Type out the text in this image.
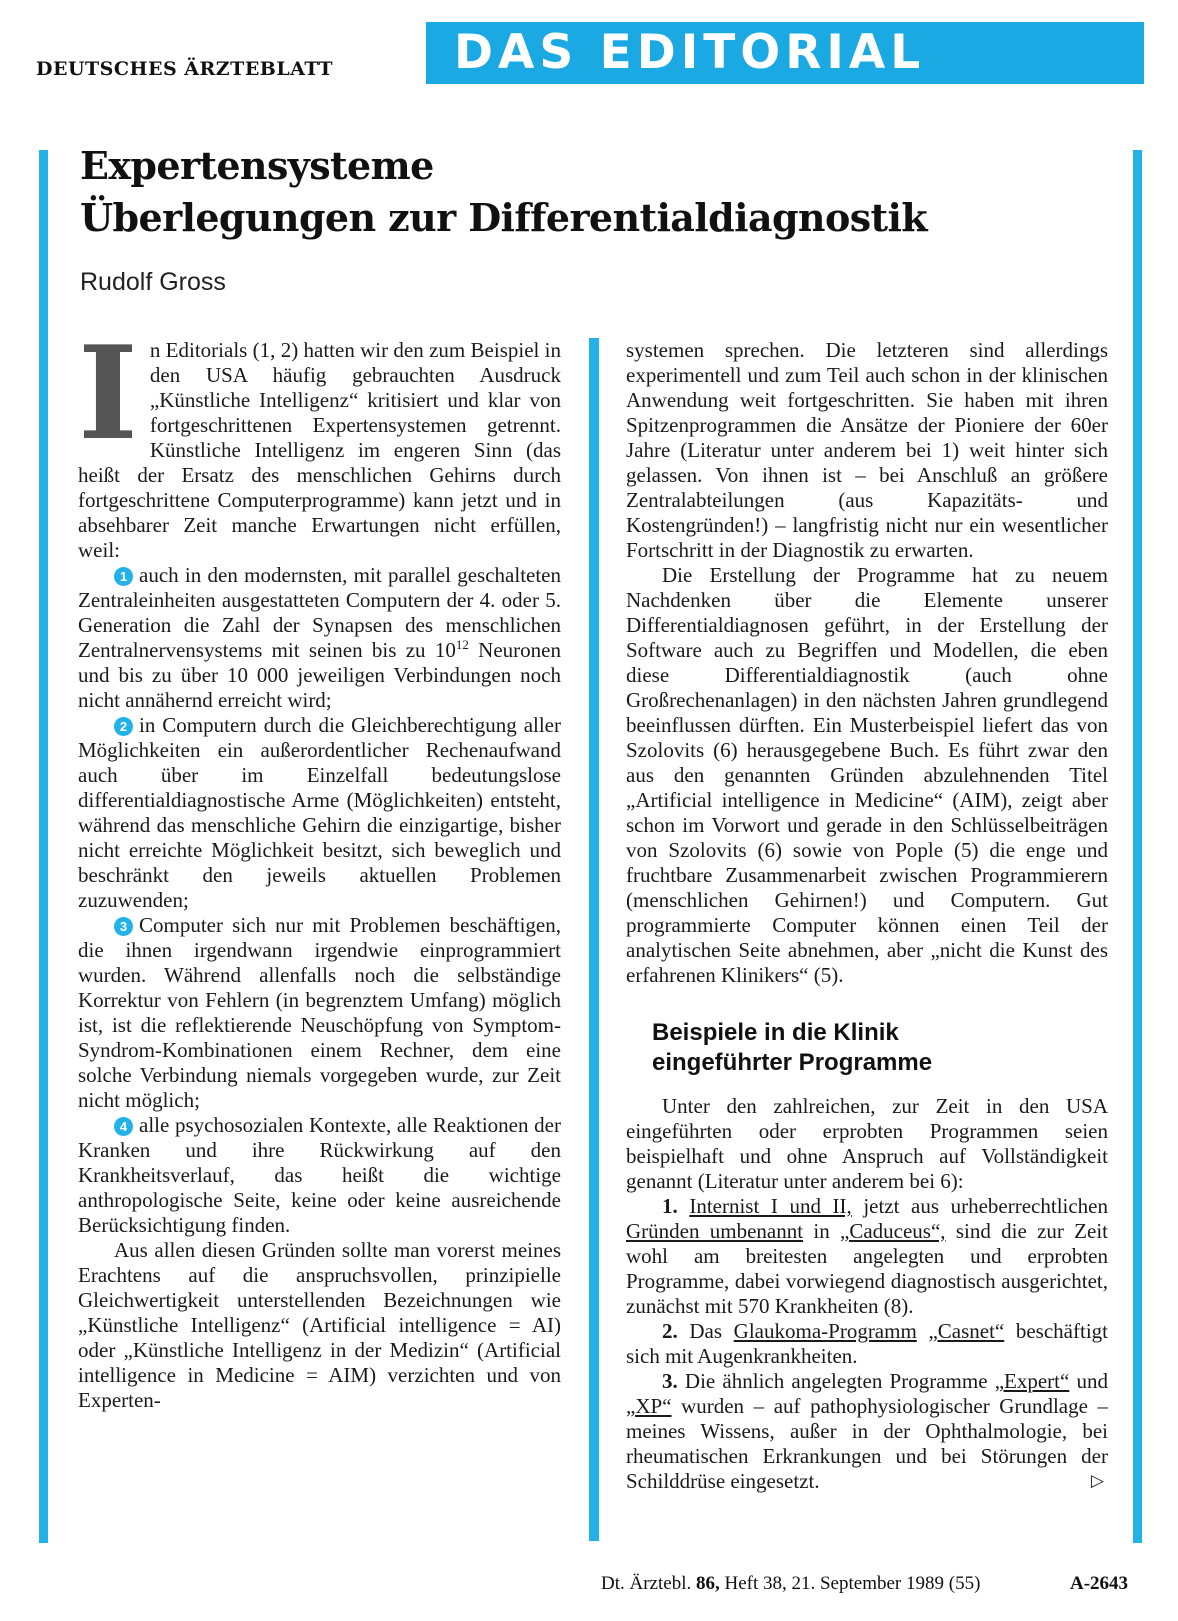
DEUTSCHES ÄRZTEBLATT	DAS EDITORIAL
Expertensysteme
Überlegungen zur Differentialdiagnostik
Rudolf Gross

In Editorials (1, 2) hatten wir den zum Beispiel in den USA häufig gebrauchten Ausdruck „Künstliche Intelligenz“ kritisiert und klar von fortgeschrittenen Expertensystemen getrennt. Künstliche Intelligenz im engeren Sinn (das heißt der Ersatz des menschlichen Gehirns durch fortgeschrittene Computerprogramme) kann jetzt und in absehbarer Zeit manche Erwartungen nicht erfüllen, weil:

1 auch in den modernsten, mit parallel geschalteten Zentraleinheiten ausgestatteten Computern der 4. oder 5. Generation die Zahl der Synapsen des menschlichen Zentralnervensystems mit seinen bis zu $10^{12}$ Neuronen und bis zu über 10 000 jeweiligen Verbindungen noch nicht annähernd erreicht wird;

2 in Computern durch die Gleichberechtigung aller Möglichkeiten ein außerordentlicher Rechenaufwand auch über im Einzelfall bedeutungslose differentialdiagnostische Arme (Möglichkeiten) entsteht, während das menschliche Gehirn die einzigartige, bisher nicht erreichte Möglichkeit besitzt, sich beweglich und beschränkt den jeweils aktuellen Problemen zuzuwenden;

3 Computer sich nur mit Problemen beschäftigen, die ihnen irgendwann irgendwie einprogrammiert wurden. Während allenfalls noch die selbständige Korrektur von Fehlern (in begrenztem Umfang) möglich ist, ist die reflektierende Neuschöpfung von Symptom-Syndrom-Kombinationen einem Rechner, dem eine solche Verbindung niemals vorgegeben wurde, zur Zeit nicht möglich;

4 alle psychosozialen Kontexte, alle Reaktionen der Kranken und ihre Rückwirkung auf den Krankheitsverlauf, das heißt die wichtige anthropologische Seite, keine oder keine ausreichende Berücksichtigung finden.

Aus allen diesen Gründen sollte man vorerst meines Erachtens auf die anspruchsvollen, prinzipielle Gleichwertigkeit unterstellenden Bezeichnungen wie „Künstliche Intelligenz“ (Artificial intelligence = AI) oder „Künstliche Intelligenz in der Medizin“ (Artificial intelligence in Medicine = AIM) verzichten und von Experten-

systemen sprechen. Die letzteren sind allerdings experimentell und zum Teil auch schon in der klinischen Anwendung weit fortgeschritten. Sie haben mit ihren Spitzenprogrammen die Ansätze der Pioniere der 60er Jahre (Literatur unter anderem bei 1) weit hinter sich gelassen. Von ihnen ist – bei Anschluß an größere Zentralabteilungen (aus Kapazitäts- und Kostengründen!) – langfristig nicht nur ein wesentlicher Fortschritt in der Diagnostik zu erwarten.

Die Erstellung der Programme hat zu neuem Nachdenken über die Elemente unserer Differentialdiagnosen geführt, in der Erstellung der Software auch zu Begriffen und Modellen, die eben diese Differentialdiagnostik (auch ohne Großrechenanlagen) in den nächsten Jahren grundlegend beeinflussen dürften. Ein Musterbeispiel liefert das von Szolovits (6) herausgegebene Buch. Es führt zwar den aus den genannten Gründen abzulehnenden Titel „Artificial intelligence in Medicine“ (AIM), zeigt aber schon im Vorwort und gerade in den Schlüsselbeiträgen von Szolovits (6) sowie von Pople (5) die enge und fruchtbare Zusammenarbeit zwischen Programmierern (menschlichen Gehirnen!) und Computern. Gut programmierte Computer können einen Teil der analytischen Seite abnehmen, aber „nicht die Kunst des erfahrenen Klinikers“ (5).

Beispiele in die Klinik
eingeführter Programme

Unter den zahlreichen, zur Zeit in den USA eingeführten oder erprobten Programmen seien beispielhaft und ohne Anspruch auf Vollständigkeit genannt (Literatur unter anderem bei 6):

1. Internist I und II, jetzt aus urheberrechtlichen Gründen umbenannt in „Caduceus“, sind die zur Zeit wohl am breitesten angelegten und erprobten Programme, dabei vorwiegend diagnostisch ausgerichtet, zunächst mit 570 Krankheiten (8).

2. Das Glaukoma-Programm „Casnet“ beschäftigt sich mit Augenkrankheiten.

3. Die ähnlich angelegten Programme „Expert“ und „XP“ wurden – auf pathophysiologischer Grundlage – meines Wissens, außer in der Ophthalmologie, bei rheumatischen Erkrankungen und bei Störungen der Schilddrüse eingesetzt.	▷

Dt. Ärztebl. 86, Heft 38, 21. September 1989 (55)	A-2643
